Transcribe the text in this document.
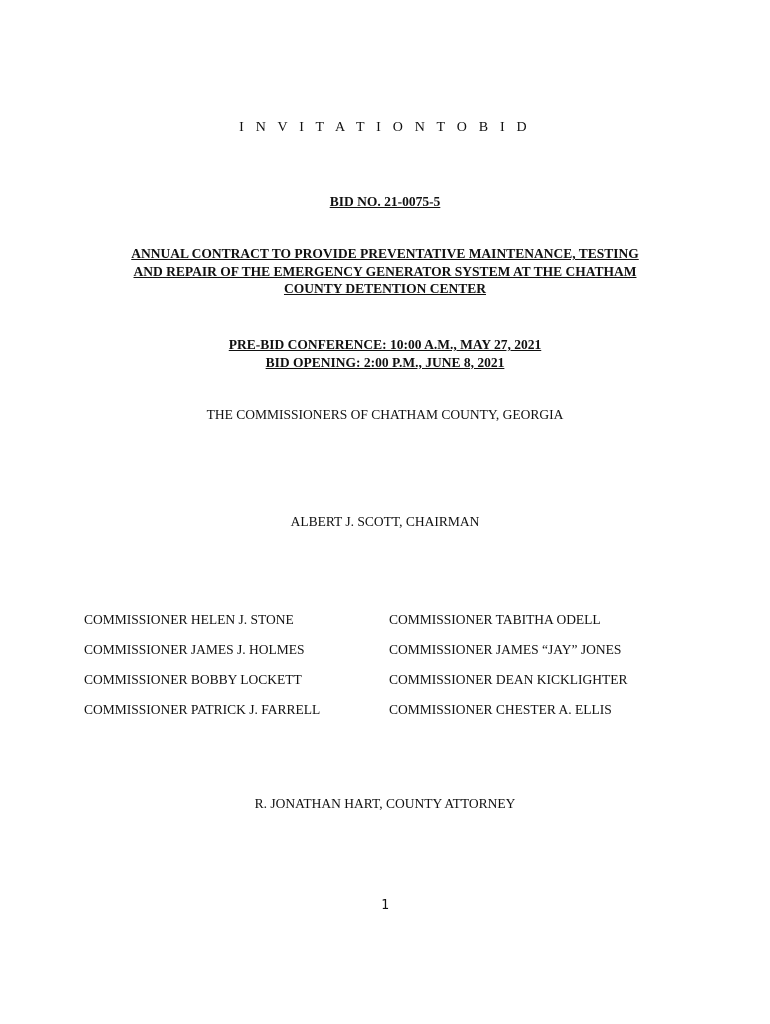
I N V I T A T I O N T O B I D
BID NO. 21-0075-5
ANNUAL CONTRACT TO PROVIDE PREVENTATIVE MAINTENANCE, TESTING
AND REPAIR OF THE EMERGENCY GENERATOR SYSTEM AT THE CHATHAM
COUNTY DETENTION CENTER
PRE-BID CONFERENCE: 10:00 A.M., MAY 27, 2021
BID OPENING: 2:00 P.M., JUNE 8, 2021
THE COMMISSIONERS OF CHATHAM COUNTY, GEORGIA
ALBERT J. SCOTT, CHAIRMAN
COMMISSIONER HELEN J. STONE
COMMISSIONER JAMES J. HOLMES
COMMISSIONER BOBBY LOCKETT
COMMISSIONER PATRICK J. FARRELL
COMMISSIONER TABITHA ODELL
COMMISSIONER JAMES “JAY” JONES
COMMISSIONER DEAN KICKLIGHTER
COMMISSIONER CHESTER A. ELLIS
R. JONATHAN HART, COUNTY ATTORNEY
1
